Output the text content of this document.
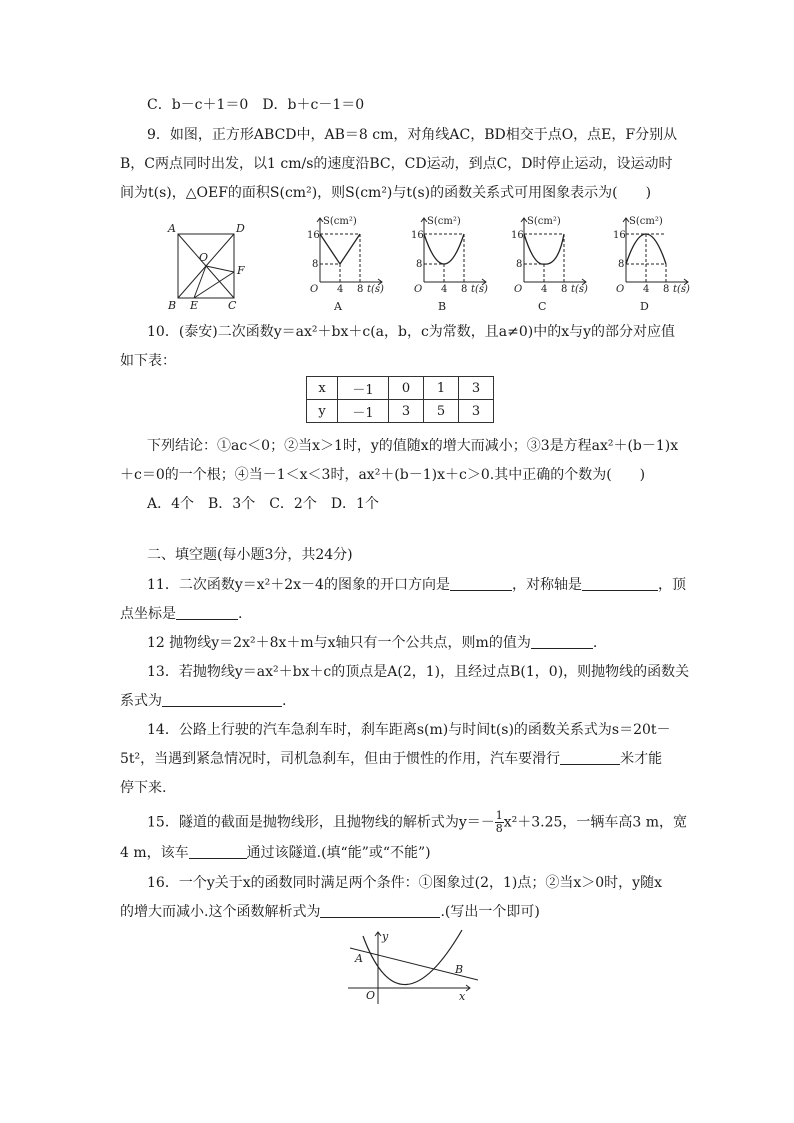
C．b－c＋1＝0　D．b＋c－1＝0
9．如图，正方形ABCD中，AB＝8 cm，对角线AC，BD相交于点O，点E，F分别从
B，C两点同时出发，以1 cm/s的速度沿BC，CD运动，到点C，D时停止运动，设运动时
间为t(s)，△OEF的面积S(cm²)，则S(cm²)与t(s)的函数关系式可用图象表示为(　　)
A	D
O
F
B E	C
S(cm²)
16
8
O 4 8 t(s)
A
S(cm²)
16
8
O 4 8 t(s)
B
S(cm²)
16
8
O 4 8 t(s)
C
S(cm²)
16
8
O 4 8 t(s)
D
10．(泰安)二次函数y＝ax²＋bx＋c(a，b，c为常数，且a≠0)中的x与y的部分对应值
如下表：
x	－1	0	1	3
y	－1	3	5	3
下列结论：①ac＜0；②当x＞1时，y的值随x的增大而减小；③3是方程ax²＋(b－1)x
＋c＝0的一个根；④当－1＜x＜3时，ax²＋(b－1)x＋c＞0.其中正确的个数为(　　)
A．4个　B．3个　C．2个　D．1个
二、填空题(每小题3分，共24分)
11．二次函数y＝x²＋2x－4的图象的开口方向是	，对称轴是	，顶
点坐标是	.
12 抛物线y＝2x²＋8x＋m与x轴只有一个公共点，则m的值为	.
13．若抛物线y＝ax²＋bx＋c的顶点是A(2，1)，且经过点B(1，0)，则抛物线的函数关
系式为	.
14．公路上行驶的汽车急刹车时，刹车距离s(m)与时间t(s)的函数关系式为s＝20t－
5t²，当遇到紧急情况时，司机急刹车，但由于惯性的作用，汽车要滑行	米才能
停下来.
15．隧道的截面是抛物线形，且抛物线的解析式为$y=- \frac{1}{8} x^2+3.25$，一辆车高3 m，宽
4 m，该车	通过该隧道.(填“能”或“不能”)
16．一个y关于x的函数同时满足两个条件：①图象过(2，1)点；②当x＞0时，y随x
的增大而减小.这个函数解析式为	.(写出一个即可)
y
A
B
O	x
